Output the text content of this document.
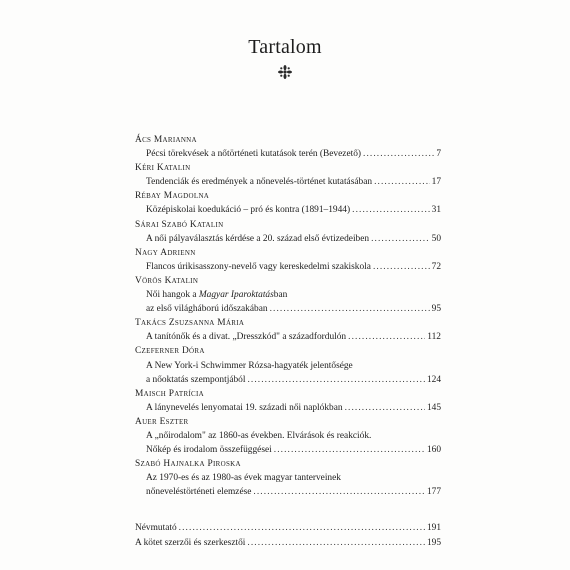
Tartalom
Ács Marianna
Pécsi törekvések a nőtörténeti kutatások terén (Bevezető) .....	7
Kéri Katalin
Tendenciák és eredmények a nőnevelés-történet kutatásában .....	17
Rébay Magdolna
Középiskolai koedukáció – pró és kontra (1891–1944) .....	31
Sárai Szabó Katalin
A női pályaválasztás kérdése a 20. század első évtizedeiben .....	50
Nagy Adrienn
Flancos úrikisasszony-nevelő vagy kereskedelmi szakiskola .....	72
Vörös Katalin
Női hangok a Magyar Iparoktatásban
az első világháború időszakában .....	95
Takács Zsuzsanna Mária
A tanítónők és a divat. „Dresszkód" a századfordulón .....	112
Czeferner Dóra
A New York-i Schwimmer Rózsa-hagyaték jelentősége
a nőoktatás szempontjából .....	124
Maisch Patrícia
A lánynevelés lenyomatai 19. századi női naplókban .....	145
Auer Eszter
A „nőirodalom" az 1860-as években. Elvárások és reakciók.
Nőkép és irodalom összefüggései .....	160
Szabó Hajnalka Piroska
Az 1970-es és az 1980-as évek magyar tanterveinek
nőneveléstörténeti elemzése .....	177
Névmutató .....	191
A kötet szerzői és szerkesztői .....	195
